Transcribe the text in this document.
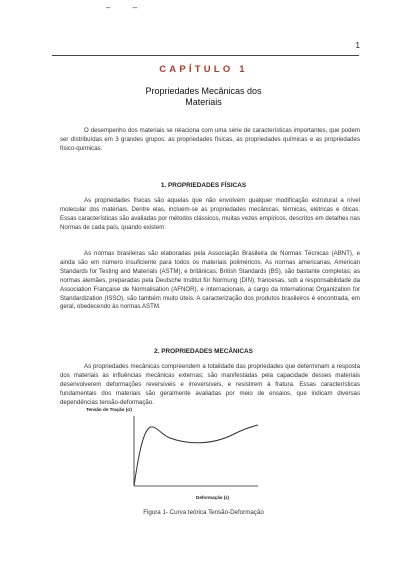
– –
1
CAPÍTULO 1
Propriedades Mecânicas dos
Materiais

O desempenho dos materiais se relaciona com uma série de características importantes, que podem ser distribuídas em 3 grandes grupos: as propriedades físicas, as propriedades químicas e as propriedades físico-químicas.

1. PROPRIEDADES FÍSICAS

As propriedades físicas são aquelas que não envolvem qualquer modificação estrutural a nível molecular dos materiais. Dentre elas, incluem-se as propriedades mecânicas, térmicas, elétricas e óticas. Essas características são avaliadas por métodos clássicos, muitas vezes empíricos, descritos em detalhes nas Normas de cada país, quando existem.

As normas brasileiras são elaboradas pela Associação Brasileira de Normas Técnicas (ABNT), e ainda são em número insuficiente para todos os materiais poliméricos. As normas americanas, American Standards for Testing and Materials (ASTM), e britânicas, British Standards (BS), são bastante completas; as normas alemães, preparadas pela Deutsche Institut für Normung (DIN); francesas, sob a responsabilidade da Association Française de Normalisation (AFNOR), e internacionais, a cargo da International Organization for Standardization (ISSO), são também muito úteis. A caracterização dos produtos brasileiros é encontrada, em geral, obedecendo às normas ASTM.

2. PROPRIEDADES MECÂNICAS

As propriedades mecânicas compreendem a totalidade das propriedades que determinam a resposta dos materiais às influências mecânicas externas; são manifestadas pela capacidade desses materiais desenvolverem deformações reversíveis e irreversíveis, e resistirem à fratura. Essas características fundamentais dos materiais são geralmente avaliadas por meio de ensaios, que indicam diversas dependências tensão-deformação.

Tensão de Tração (σ)
Deformação (ε)
Figura 1- Curva teórica Tensão-Deformação
